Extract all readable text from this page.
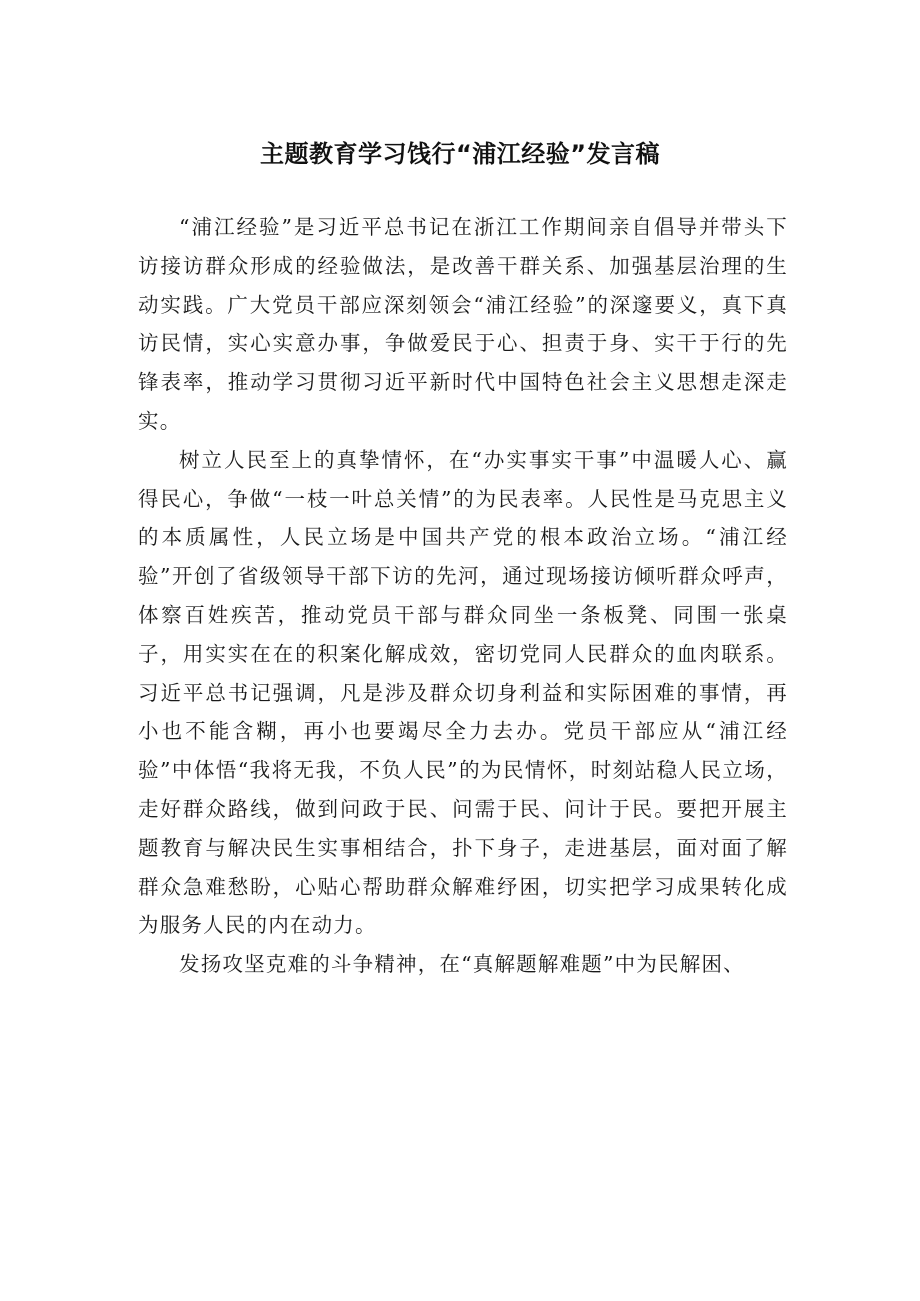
主题教育学习饯行“浦江经验”发言稿

“浦江经验”是习近平总书记在浙江工作期间亲自倡导并带头下访接访群众形成的经验做法，是改善干群关系、加强基层治理的生动实践。广大党员干部应深刻领会“浦江经验”的深邃要义，真下真访民情，实心实意办事，争做爱民于心、担责于身、实干于行的先锋表率，推动学习贯彻习近平新时代中国特色社会主义思想走深走实。

树立人民至上的真挚情怀，在“办实事实干事”中温暖人心、赢得民心，争做“一枝一叶总关情”的为民表率。人民性是马克思主义的本质属性，人民立场是中国共产党的根本政治立场。“浦江经验”开创了省级领导干部下访的先河，通过现场接访倾听群众呼声，体察百姓疾苦，推动党员干部与群众同坐一条板凳、同围一张桌子，用实实在在的积案化解成效，密切党同人民群众的血肉联系。习近平总书记强调，凡是涉及群众切身利益和实际困难的事情，再小也不能含糊，再小也要竭尽全力去办。党员干部应从“浦江经验”中体悟“我将无我，不负人民”的为民情怀，时刻站稳人民立场，走好群众路线，做到问政于民、问需于民、问计于民。要把开展主题教育与解决民生实事相结合，扑下身子，走进基层，面对面了解群众急难愁盼，心贴心帮助群众解难纾困，切实把学习成果转化成为服务人民的内在动力。

发扬攻坚克难的斗争精神，在“真解题解难题”中为民解困、
